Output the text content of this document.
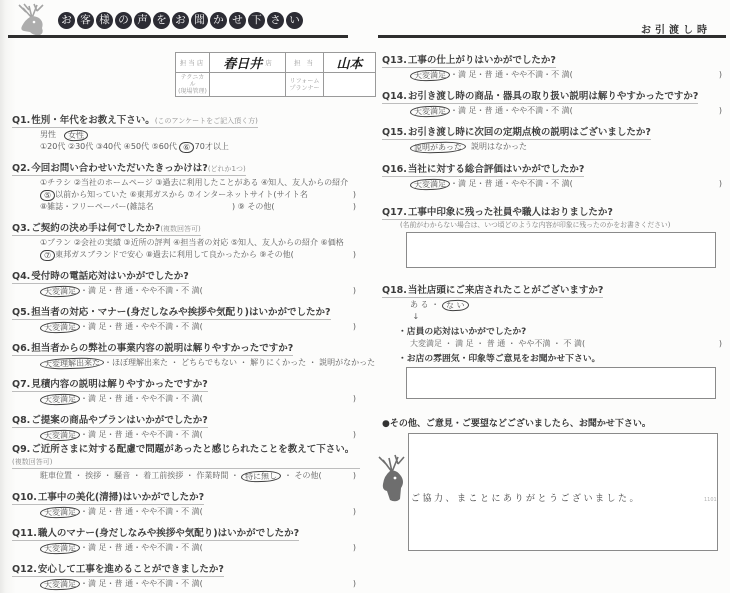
お 客 様 の 声 を お 聞 か せ 下 さ い
お引渡し時
担当店	春日井 店	担 当	山本
テクニカル
(現場管理)		リフォーム
プランナー	
Q1.性別・年代をお教え下さい。(このアンケートをご記入頂く方)
男性 女性
①20代 ②30代 ③40代 ④50代 ⑤60代 ⑥ 70才以上
Q2.今回お問い合わせいただいたきっかけは?(どれか1つ)
①チラシ ②当社のホームページ ③過去に利用したことがある ④知人、友人からの紹介
⑤ 以前から知っていた ⑥東邦ガスから ⑦インターネットサイト(サイト名	)
⑧雑誌・フリーペーパー(雑誌名	) ⑨ その他(	)
Q3.ご契約の決め手は何でしたか?(複数回答可)
①プラン ②会社の実績 ③近所の評判 ④担当者の対応 ⑤知人、友人からの紹介 ⑥価格
⑦ 東邦ガスブランドで安心 ⑧過去に利用して良かったから ⑨その他(	)
Q4.受付時の電話応対はいかがでしたか?
大変満足 ・満 足・普 通・やや不満・不 満(	)
Q5.担当者の対応・マナー(身だしなみや挨拶や気配り)はいかがでしたか?
大変満足 ・満 足・普 通・やや不満・不 満(	)
Q6.担当者からの弊社の事業内容の説明は解りやすかったですか?
大変理解出来た ・ほぼ理解出来た ・ どちらでもない ・ 解りにくかった ・ 説明がなかった
Q7.見積内容の説明は解りやすかったですか?
大変満足 ・満 足・普 通・やや不満・不 満(	)
Q8.ご提案の商品やプランはいかがでしたか?
大変満足 ・満 足・普 通・やや不満・不 満(	)
Q9.ご近所さまに対する配慮で問題があったと感じられたことを教えて下さい。(複数回答可)
駐車位置 ・ 挨拶 ・ 騒音 ・ 着工前挨拶 ・ 作業時間 ・ 特に無し ・ その他(	)
Q10.工事中の美化(清掃)はいかがでしたか?
大変満足 ・満 足・普 通・やや不満・不 満(	)
Q11.職人のマナー(身だしなみや挨拶や気配り)はいかがでしたか?
大変満足 ・満 足・普 通・やや不満・不 満(	)
Q12.安心して工事を進めることができましたか?
大変満足 ・満 足・普 通・やや不満・不 満(	)
Q13.工事の仕上がりはいかがでしたか?
大変満足 ・満 足・普 通・やや不満・不 満(	)
Q14.お引き渡し時の商品・器具の取り扱い説明は解りやすかったですか?
大変満足 ・満 足・普 通・やや不満・不 満(	)
Q15.お引き渡し時に次回の定期点検の説明はございましたか?
説明があった 説明はなかった
Q16.当社に対する総合評価はいかがでしたか?
大変満足 ・満 足・普 通・やや不満・不 満(	)
Q17.工事中印象に残った社員や職人はおりましたか?
(名前がわからない場合は、いつ頃どのような内容が印象に残ったのかをお書きください)
Q18.当社店頭にご来店されたことがございますか?
あ る ・ な い
↓
・店員の応対はいかがでしたか?
大変満足 ・ 満 足 ・ 普 通 ・ やや不満 ・ 不 満(	)
・お店の雰囲気・印象等ご意見をお聞かせ下さい。
●その他、ご意見・ご要望などございましたら、お聞かせ下さい。
ご協力、まことにありがとうございました。	1101
